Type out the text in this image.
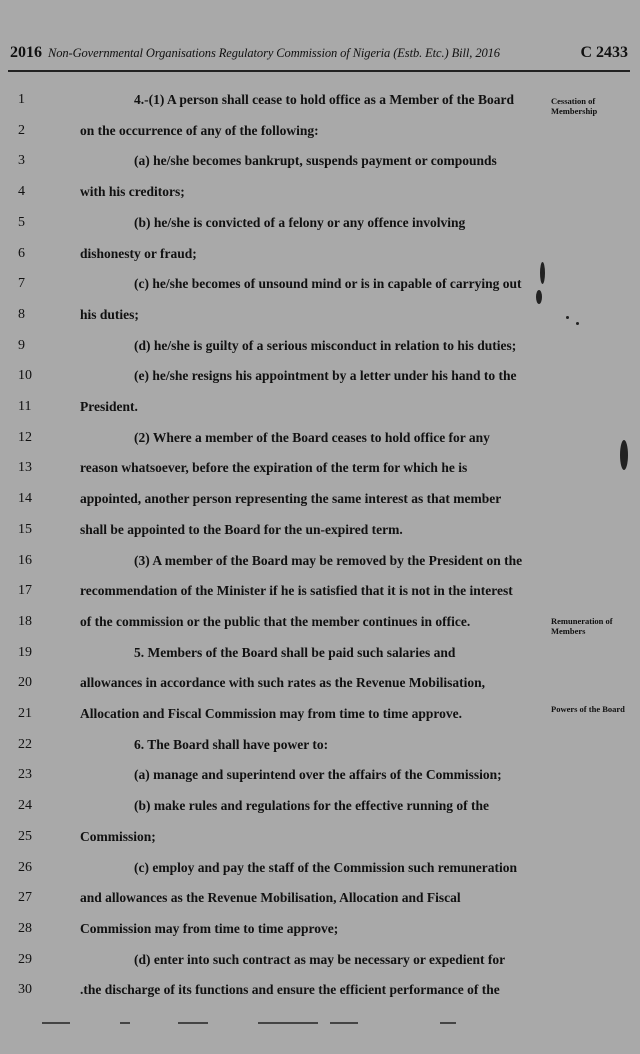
2016 Non-Governmental Organisations Regulatory Commission of Nigeria (Estb. Etc.) Bill, 2016	C 2433
1	4.-(1) A person shall cease to hold office as a Member of the Board
2	on the occurrence of any of the following:
3	(a) he/she becomes bankrupt, suspends payment or compounds
4	with his creditors;
5	(b) he/she is convicted of a felony or any offence involving
6	dishonesty or fraud;
7	(c) he/she becomes of unsound mind or is in capable of carrying out
8	his duties;
9	(d) he/she is guilty of a serious misconduct in relation to his duties;
10	(e) he/she resigns his appointment by a letter under his hand to the
11	President.
12	(2) Where a member of the Board ceases to hold office for any
13	reason whatsoever, before the expiration of the term for which he is
14	appointed, another person representing the same interest as that member
15	shall be appointed to the Board for the un-expired term.
16	(3) A member of the Board may be removed by the President on the
17	recommendation of the Minister if he is satisfied that it is not in the interest
18	of the commission or the public that the member continues in office.
19	5. Members of the Board shall be paid such salaries and
20	allowances in accordance with such rates as the Revenue Mobilisation,
21	Allocation and Fiscal Commission may from time to time approve.
22	6. The Board shall have power to:
23	(a) manage and superintend over the affairs of the Commission;
24	(b) make rules and regulations for the effective running of the
25	Commission;
26	(c) employ and pay the staff of the Commission such remuneration
27	and allowances as the Revenue Mobilisation, Allocation and Fiscal
28	Commission may from time to time approve;
29	(d) enter into such contract as may be necessary or expedient for
30	.the discharge of its functions and ensure the efficient performance of the
Cessation of Membership
Remuneration of Members
Powers of the Board
